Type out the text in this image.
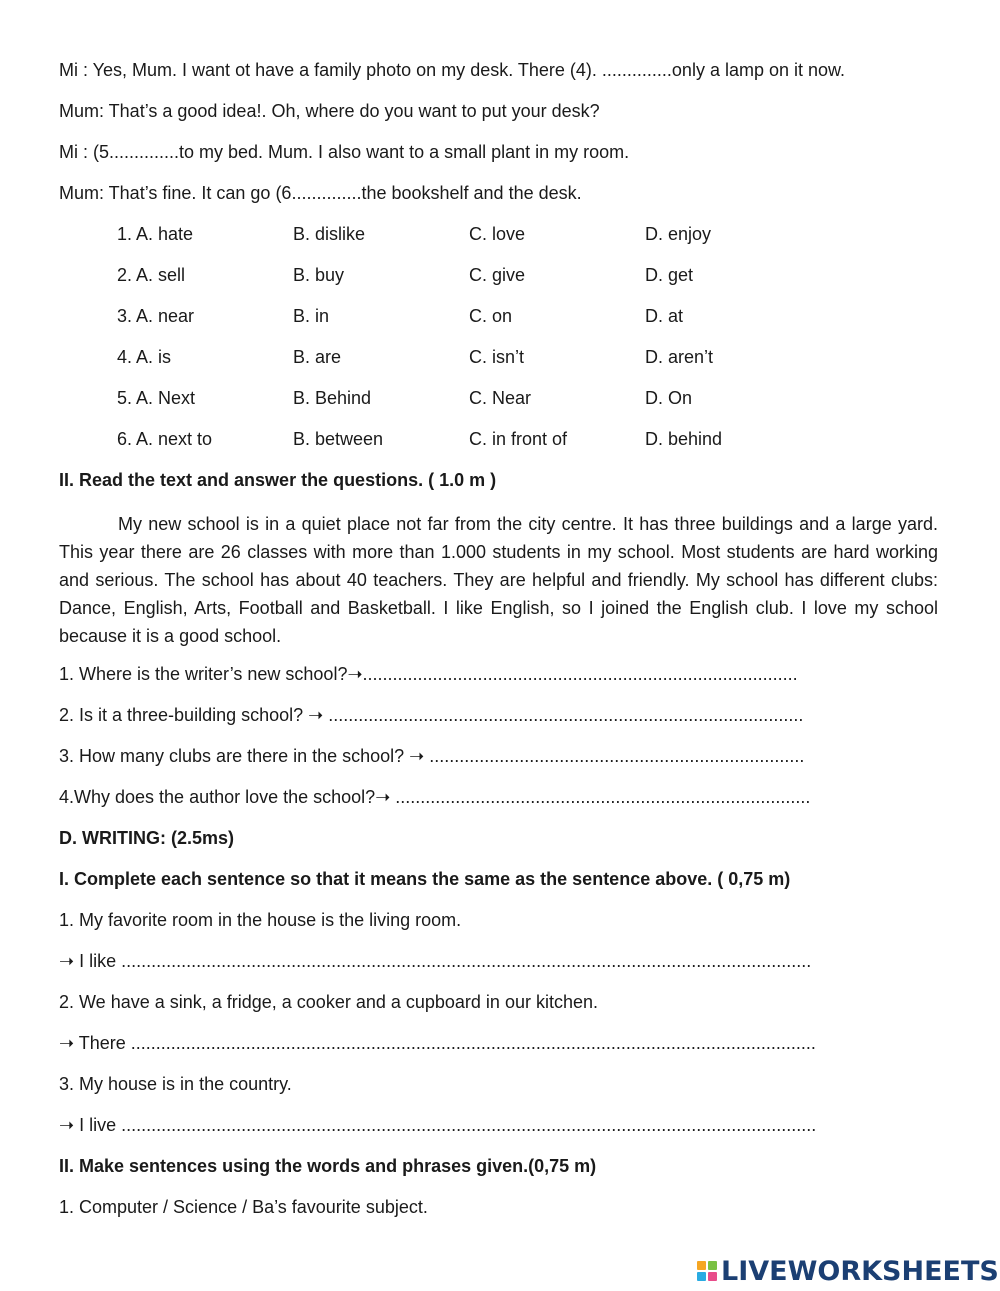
Mi : Yes, Mum. I want ot have a family photo on my desk. There (4). ..............only a lamp on it now.
Mum: That’s a good idea!. Oh, where do you want to put your desk?
Mi : (5..............to my bed. Mum. I also want to a small plant in my room.
Mum: That’s fine. It can go (6..............the bookshelf and the desk.
1. A. hate	B. dislike	C. love	D. enjoy
2. A. sell	B. buy	C. give	D. get
3. A. near	B. in	C. on	D. at
4. A. is	B. are	C. isn’t	D. aren’t
5. A. Next	B. Behind	C. Near	D. On
6. A. next to	B. between	C. in front of	D. behind
II. Read the text and answer the questions. ( 1.0 m )
My new school is in a quiet place not far from the city centre. It has three buildings and a large yard. This year there are 26 classes with more than 1.000 students in my school. Most students are hard working and serious. The school has about 40 teachers. They are helpful and friendly. My school has different clubs: Dance, English, Arts, Football and Basketball. I like English, so I joined the English club. I love my school because it is a good school.
1. Where is the writer’s new school?➝.......................................................................................
2. Is it a three-building school? ➝ ...............................................................................................
3. How many clubs are there in the school? ➝ ...........................................................................
4.Why does the author love the school?➝ ...................................................................................
D. WRITING: (2.5ms)
I. Complete each sentence so that it means the same as the sentence above. ( 0,75 m)
1. My favorite room in the house is the living room.
➝ I like ..........................................................................................................................................
2. We have a sink, a fridge, a cooker and a cupboard in our kitchen.
➝ There .........................................................................................................................................
3. My house is in the country.
➝ I live ...........................................................................................................................................
II. Make sentences using the words and phrases given.(0,75 m)
1. Computer / Science / Ba’s favourite subject.
LIVEWORKSHEETS
